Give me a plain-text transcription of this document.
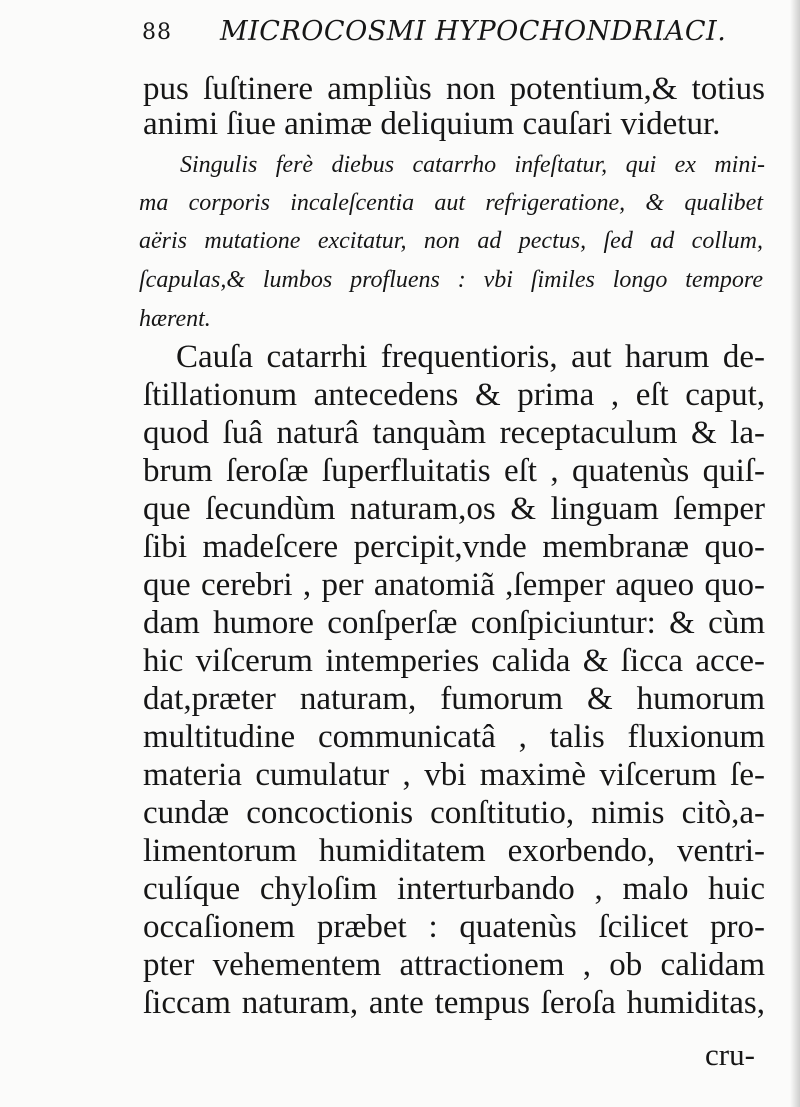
88 MICROCOSMI HYPOCHONDRIACI.
pus ſuſtinere ampliùs non potentium,& totius
animi ſiue animæ deliquium cauſari videtur.
Singulis ferè diebus catarrho infeſtatur, qui ex mini-
ma corporis incaleſcentia aut refrigeratione, & qualibet
aëris mutatione excitatur, non ad pectus, ſed ad collum,
ſcapulas,& lumbos profluens : vbi ſimiles longo tempore
hærent.
Cauſa catarrhi frequentioris, aut harum de-
ſtillationum antecedens & prima , eſt caput,
quod ſuâ naturâ tanquàm receptaculum & la-
brum ſeroſæ ſuperfluitatis eſt , quatenùs quiſ-
que ſecundùm naturam,os & linguam ſemper
ſibi madeſcere percipit,vnde membranæ quo-
que cerebri , per anatomiã ,ſemper aqueo quo-
dam humore conſperſæ conſpiciuntur: & cùm
hic viſcerum intemperies calida & ſicca acce-
dat,præter naturam, fumorum & humorum
multitudine communicatâ , talis fluxionum
materia cumulatur , vbi maximè viſcerum ſe-
cundæ concoctionis conſtitutio, nimis citò,a-
limentorum humiditatem exorbendo, ventri-
culíque chyloſim interturbando , malo huic
occaſionem præbet : quatenùs ſcilicet pro-
pter vehementem attractionem , ob calidam
ſiccam naturam, ante tempus ſeroſa humiditas,
cru-
